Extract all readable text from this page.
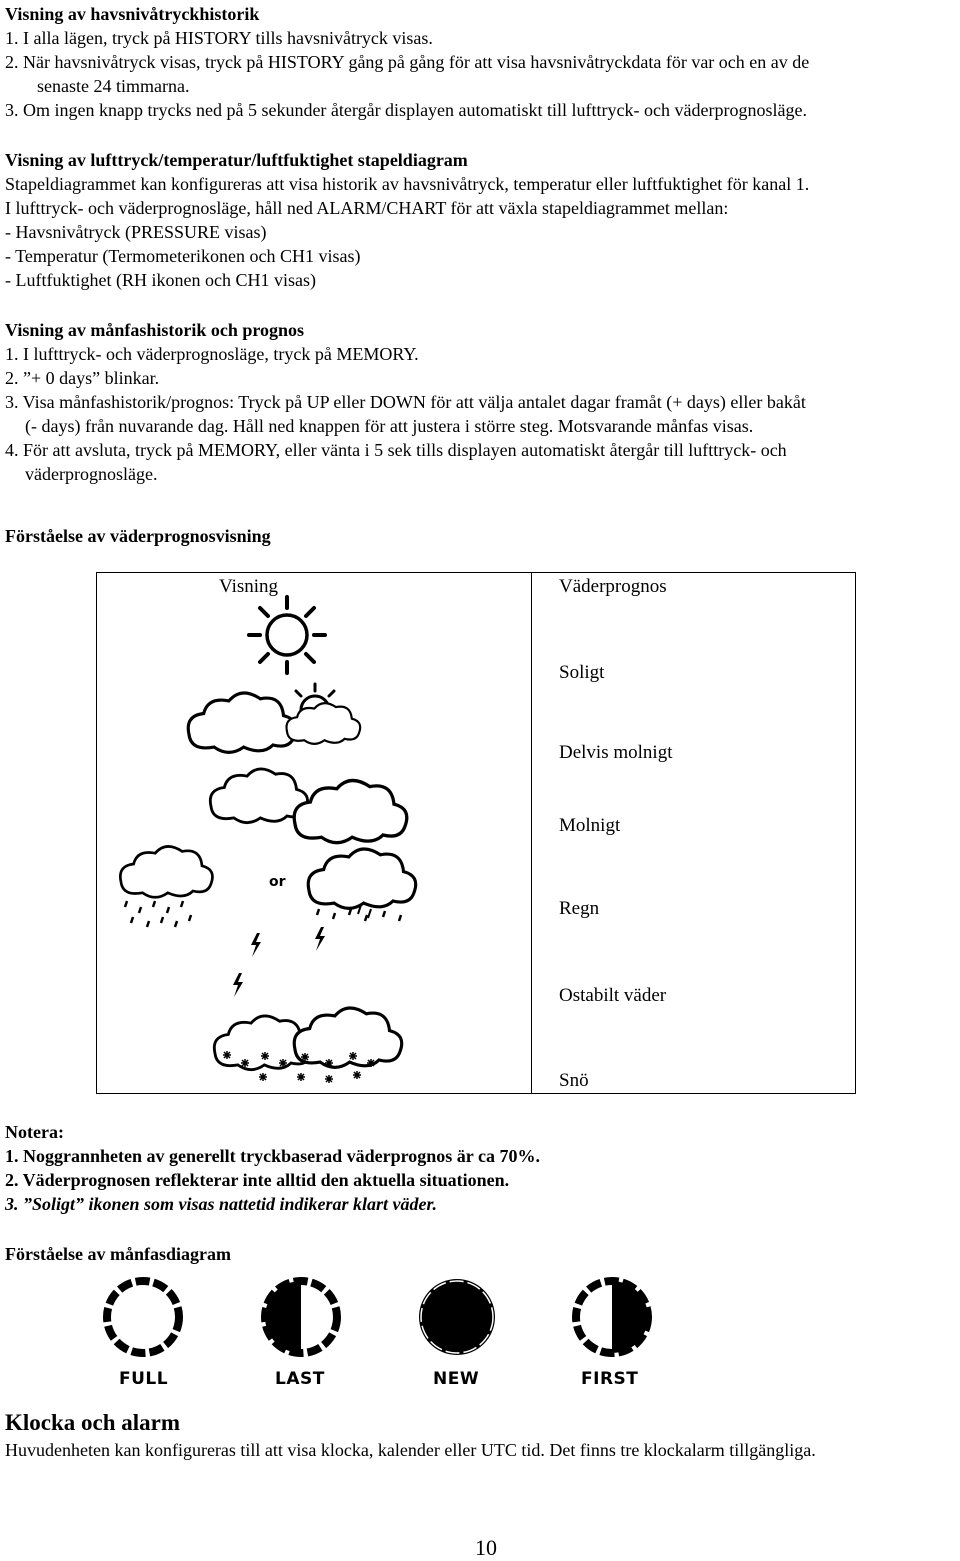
Visning av havsnivåtryckhistorik
1. I alla lägen, tryck på HISTORY tills havsnivåtryck visas.
2. När havsnivåtryck visas, tryck på HISTORY gång på gång för att visa havsnivåtryckdata för var och en av de
senaste 24 timmarna.
3. Om ingen knapp trycks ned på 5 sekunder återgår displayen automatiskt till lufttryck- och väderprognosläge.
Visning av lufttryck/temperatur/luftfuktighet stapeldiagram
Stapeldiagrammet kan konfigureras att visa historik av havsnivåtryck, temperatur eller luftfuktighet för kanal 1.
I lufttryck- och väderprognosläge, håll ned ALARM/CHART för att växla stapeldiagrammet mellan:
- Havsnivåtryck (PRESSURE visas)
- Temperatur (Termometerikonen och CH1 visas)
- Luftfuktighet (RH ikonen och CH1 visas)
Visning av månfashistorik och prognos
1. I lufttryck- och väderprognosläge, tryck på MEMORY.
2. ”+ 0 days” blinkar.
3. Visa månfashistorik/prognos: Tryck på UP eller DOWN för att välja antalet dagar framåt (+ days) eller bakåt
(- days) från nuvarande dag. Håll ned knappen för att justera i större steg. Motsvarande månfas visas.
4. För att avsluta, tryck på MEMORY, eller vänta i 5 sek tills displayen automatiskt återgår till lufttryck- och
väderprognosläge.
Förståelse av väderprognosvisning
Visning	Väderprognos
Soligt
Delvis molnigt
Molnigt
Regn
Ostabilt väder
Snö
or
Notera:
1. Noggrannheten av generellt tryckbaserad väderprognos är ca 70%.
2. Väderprognosen reflekterar inte alltid den aktuella situationen.
3. ”Soligt” ikonen som visas nattetid indikerar klart väder.
Förståelse av månfasdiagram
FULL	LAST	NEW	FIRST
Klocka och alarm
Huvudenheten kan konfigureras till att visa klocka, kalender eller UTC tid. Det finns tre klockalarm tillgängliga.
10
